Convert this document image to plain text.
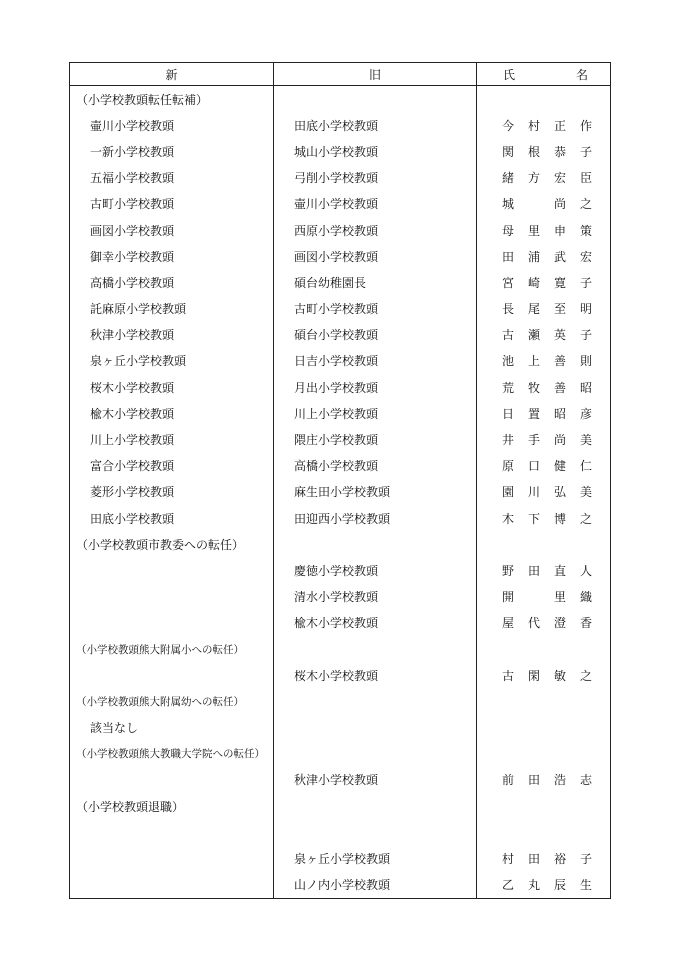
新	旧	氏 名

（小学校教頭転任転補）		
壷川小学校教頭	田底小学校教頭	今 村 正 作

一新小学校教頭	城山小学校教頭	関 根 恭 子

五福小学校教頭	弓削小学校教頭	緒 方 宏 臣

古町小学校教頭	壷川小学校教頭	城 尚 之

画図小学校教頭	西原小学校教頭	母 里 申 策

御幸小学校教頭	画図小学校教頭	田 浦 武 宏

高橋小学校教頭	碩台幼稚園長	宮 崎 寛 子

託麻原小学校教頭	古町小学校教頭	長 尾 至 明

秋津小学校教頭	碩台小学校教頭	古 瀬 英 子

泉ヶ丘小学校教頭	日吉小学校教頭	池 上 善 則

桜木小学校教頭	月出小学校教頭	荒 牧 善 昭

楡木小学校教頭	川上小学校教頭	日 置 昭 彦

川上小学校教頭	隈庄小学校教頭	井 手 尚 美

富合小学校教頭	高橋小学校教頭	原 口 健 仁

菱形小学校教頭	麻生田小学校教頭	園 川 弘 美

田底小学校教頭	田迎西小学校教頭	木 下 博 之

（小学校教頭市教委への転任）		
	慶徳小学校教頭	野 田 直 人

	清水小学校教頭	開 里 織

	楡木小学校教頭	屋 代 澄 香

（小学校教頭熊大附属小への転任）		
	桜木小学校教頭	古 閑 敏 之

（小学校教頭熊大附属幼への転任）		
該当なし		
（小学校教頭熊大教職大学院への転任）		
	秋津小学校教頭	前 田 浩 志

（小学校教頭退職）		

	泉ヶ丘小学校教頭	村 田 裕 子

	山ノ内小学校教頭	乙 丸 辰 生
